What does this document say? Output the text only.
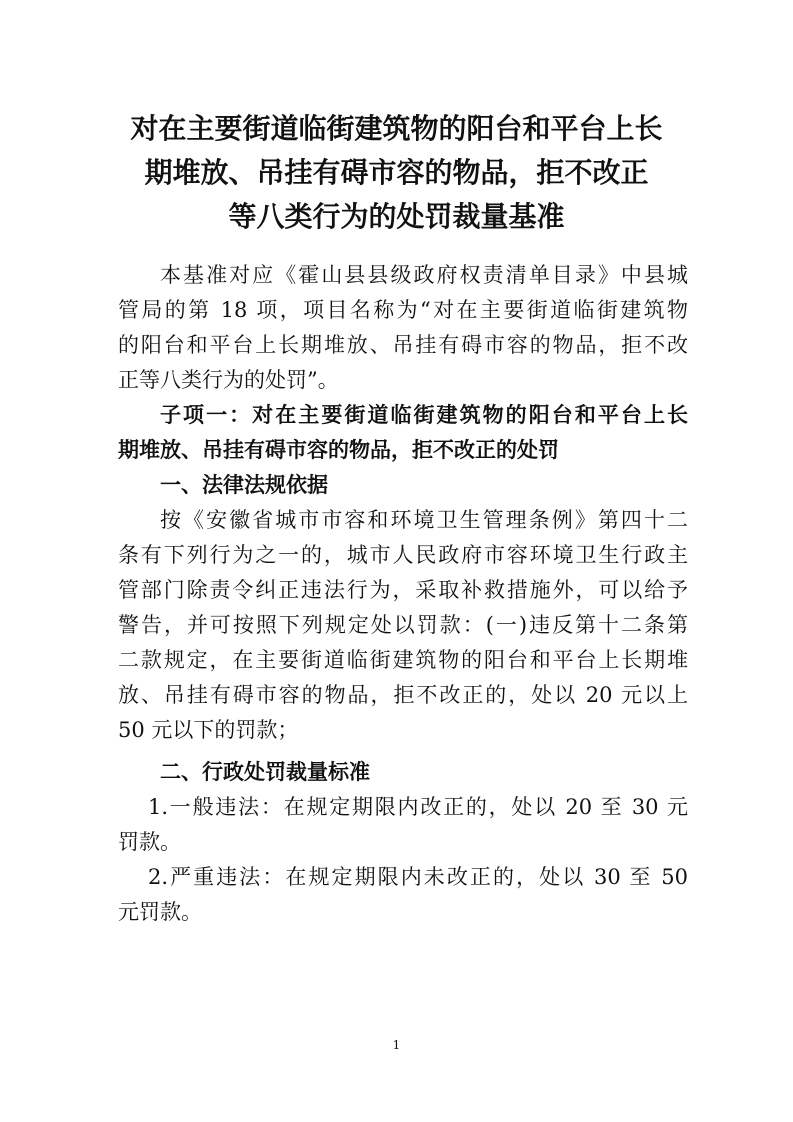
对在主要街道临街建筑物的阳台和平台上长
期堆放、吊挂有碍市容的物品，拒不改正
等八类行为的处罚裁量基准

本基准对应《霍山县县级政府权责清单目录》中县城
管局的第 18 项，项目名称为“对在主要街道临街建筑物
的阳台和平台上长期堆放、吊挂有碍市容的物品，拒不改
正等八类行为的处罚”。

子项一：对在主要街道临街建筑物的阳台和平台上长
期堆放、吊挂有碍市容的物品，拒不改正的处罚

一、法律法规依据

按《安徽省城市市容和环境卫生管理条例》第四十二
条有下列行为之一的，城市人民政府市容环境卫生行政主
管部门除责令纠正违法行为，采取补救措施外，可以给予
警告，并可按照下列规定处以罚款：(一)违反第十二条第
二款规定，在主要街道临街建筑物的阳台和平台上长期堆
放、吊挂有碍市容的物品，拒不改正的，处以 20 元以上
50 元以下的罚款；

二、行政处罚裁量标准

1.一般违法：在规定期限内改正的，处以 20 至 30 元
罚款。

2.严重违法：在规定期限内未改正的，处以 30 至 50
元罚款。

1
